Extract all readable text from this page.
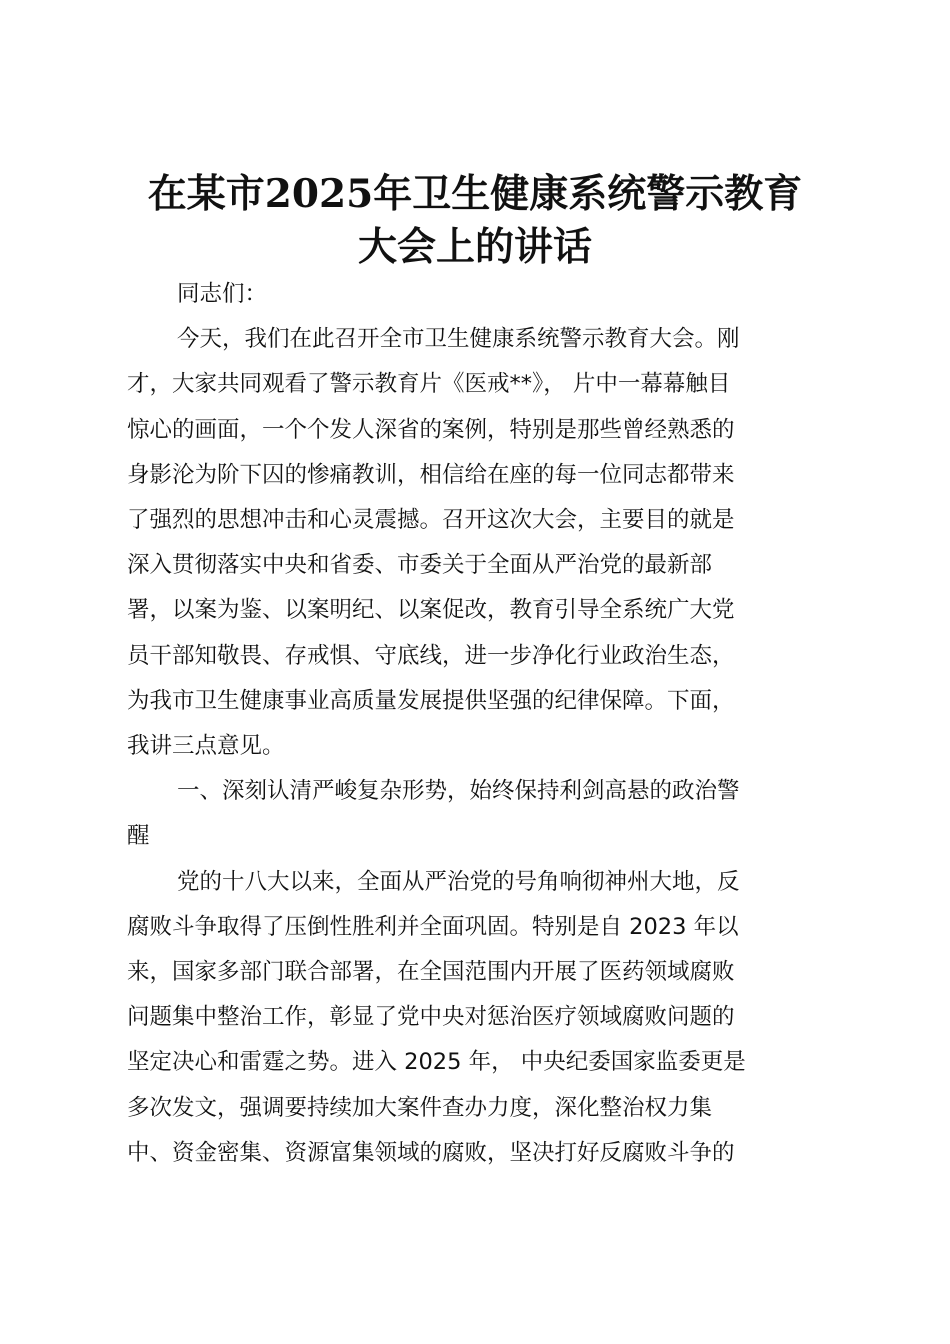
在某市2025年卫生健康系统警示教育
大会上的讲话

同志们：

今天，我们在此召开全市卫生健康系统警示教育大会。刚
才，大家共同观看了警示教育片《医戒**》， 片中一幕幕触目
惊心的画面，一个个发人深省的案例，特别是那些曾经熟悉的
身影沦为阶下囚的惨痛教训，相信给在座的每一位同志都带来
了强烈的思想冲击和心灵震撼。召开这次大会，主要目的就是
深入贯彻落实中央和省委、市委关于全面从严治党的最新部
署，以案为鉴、以案明纪、以案促改，教育引导全系统广大党
员干部知敬畏、存戒惧、守底线，进一步净化行业政治生态，
为我市卫生健康事业高质量发展提供坚强的纪律保障。下面，
我讲三点意见。

一、深刻认清严峻复杂形势，始终保持利剑高悬的政治警
醒

党的十八大以来，全面从严治党的号角响彻神州大地，反
腐败斗争取得了压倒性胜利并全面巩固。特别是自 2023 年以
来，国家多部门联合部署，在全国范围内开展了医药领域腐败
问题集中整治工作，彰显了党中央对惩治医疗领域腐败问题的
坚定决心和雷霆之势。进入 2025 年， 中央纪委国家监委更是
多次发文，强调要持续加大案件查办力度，深化整治权力集
中、资金密集、资源富集领域的腐败，坚决打好反腐败斗争的
